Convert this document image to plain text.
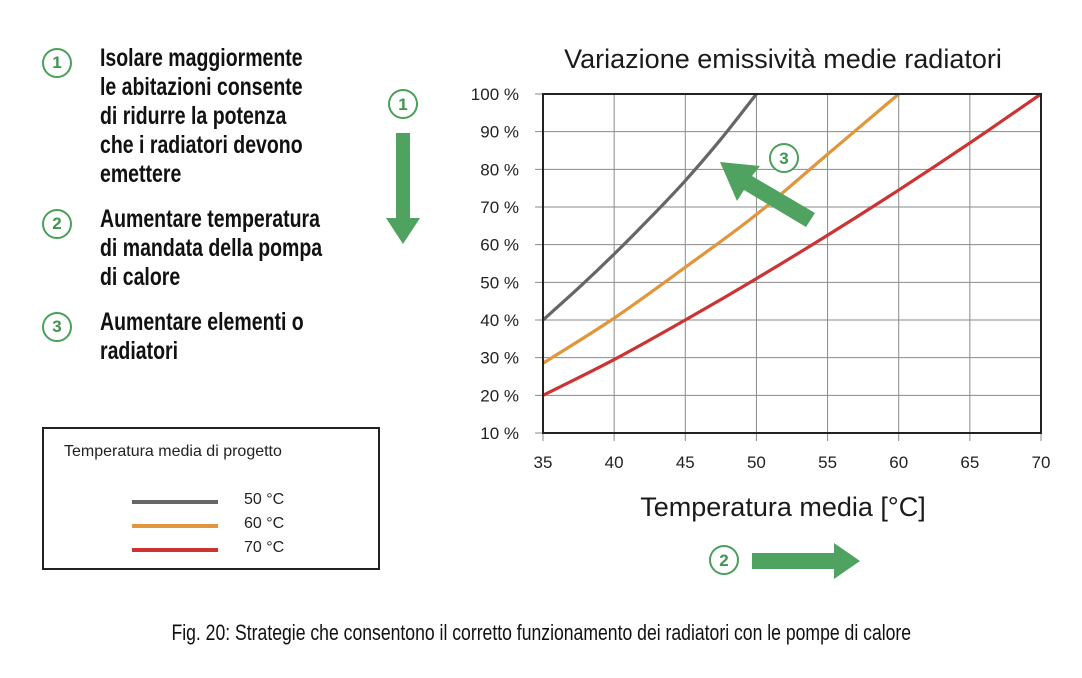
1	Isolare maggiormente
le abitazioni consente
di ridurre la potenza
che i radiatori devono
emettere
2	Aumentare temperatura
di mandata della pompa
di calore
3	Aumentare elementi o
radiatori
Temperatura media di progetto
50 °C
60 °C
70 °C
Variazione emissività medie radiatori
35	40	45	50	55	60	65	70
10 %
20 %
30 %
40 %
50 %
60 %
70 %
80 %
90 %
100 %
Temperatura media [°C]
1
3
2
Fig. 20: Strategie che consentono il corretto funzionamento dei radiatori con le pompe di calore
